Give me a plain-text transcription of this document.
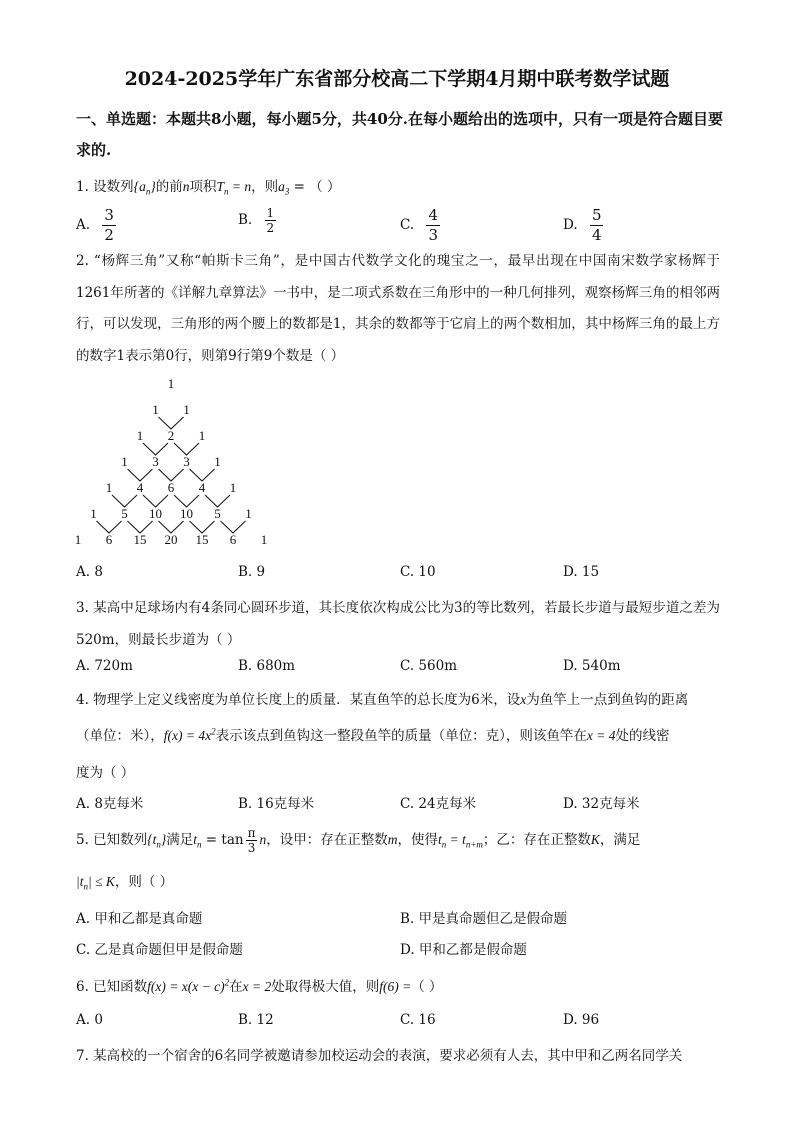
2024-2025学年广东省部分校高二下学期4月期中联考数学试题
一、单选题：本题共8小题，每小题5分，共40分.在每小题给出的选项中，只有一项是符合题目要求的.
1. 设数列$\{a_n\}$的前n项积$T_n = n$，则$a_3$ = （ ）
A. $\frac{3}{2}$	B. $\frac{1}{2}$	C. $\frac{4}{3}$	D. $\frac{5}{4}$
2. “杨辉三角”又称“帕斯卡三角”，是中国古代数学文化的瑰宝之一，最早出现在中国南宋数学家杨辉于1261年所著的《详解九章算法》一书中，是二项式系数在三角形中的一种几何排列，观察杨辉三角的相邻两行，可以发现，三角形的两个腰上的数都是1，其余的数都等于它肩上的两个数相加，其中杨辉三角的最上方的数字1表示第0行，则第9行第9个数是（ ）
1
1 1
1 2 1
1 3 3 1
1 4 6 4 1
1 5 10 10 5 1
1 6 15 20 15 6 1
A. 8	B. 9	C. 10	D. 15
3. 某高中足球场内有4条同心圆环步道，其长度依次构成公比为3的等比数列，若最长步道与最短步道之差为520m，则最长步道为（ ）
A. 720m	B. 680m	C. 560m	D. 540m
4. 物理学上定义线密度为单位长度上的质量．某直鱼竿的总长度为6米，设x为鱼竿上一点到鱼钩的距离
（单位：米），$f(x) = 4x^2$表示该点到鱼钩这一整段鱼竿的质量（单位：克），则该鱼竿在x = 4处的线密
度为（ ）
A. 8克每米	B. 16克每米	C. 24克每米	D. 32克每米
5. 已知数列$\{t_n\}$满足$t_n = \tan \frac{\pi}{3}$ n，设甲：存在正整数m，使得$t_n = t_{n+m}$；乙：存在正整数K，满足
$|t_n| \le K$，则（ ）
A. 甲和乙都是真命题	B. 甲是真命题但乙是假命题
C. 乙是真命题但甲是假命题	D. 甲和乙都是假命题
6. 已知函数$f(x) = x(x - c)^2$在x = 2处取得极大值，则f(6) =（ ）
A. 0	B. 12	C. 16	D. 96
7. 某高校的一个宿舍的6名同学被邀请参加校运动会的表演，要求必须有人去，其中甲和乙两名同学关
